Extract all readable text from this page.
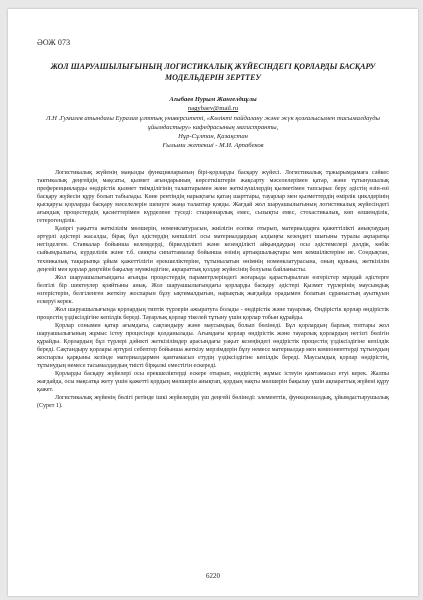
ӘОЖ 073
ЖОЛ ШАРУАШЫЛЫҒЫНЫҢ ЛОГИСТИКАЛЫҚ ЖҮЙЕСІНДЕГІ ҚОРЛАРДЫ БАСҚАРУ МОДЕЛЬДЕРІН ЗЕРТТЕУ
Агыбаев Нурым Жангелдиұлы
nagybaev@mail.ru
Л.Н .Гумилев атындағы Еуразия ұлттық университеті, «Көлікті пайдалану және жүк қозғалысымен тасымалдауды ұйымдастыру» кафедрасының магистранты,
Нұр-Сұлтан, Қазақстан
Ғылыми жетекші - М.И. Арпабеков

Логистикалық жүйенің маңызды функцияларының бірі-қорларды басқару жүйесі. Логистикалық тұжырымдамаға сәйкес тактикалық деңгейдің мақсаты, қызмет ағындарының көрсеткіштерін жақсарту мәселелерімен қатар, және тұтынушылық преференцияларды өндірістік қызмет тиімділігінің талаптарымен және жеткізушілердің қызметімен тапсырыс беру әдістің өзін-өзі басқару жүйесін құру болып табылады. Көне рентіндің нарықтағы қатаң шарттары, тауарлар мен қызметтердің өмірлік циклдерінің қысқаруы қорларды басқару мәселелерін шешуге жаңа талаптар қояды. Жағдай жол шаруашылығының логистикалық жүйесіндегі ағындық процестердің қасиеттерімен күрделене түседі: стационарлық емес, сызықты емес, стохастикалық, көп өлшемділік, гетерогенділік.

Қазіргі уақытта жеткізілім мөлшерін, номенклатурасын, жиілігін есепке отырып, материалдарға қажеттілікті анықтаудың әртүрлі әдістері жасалды, бірақ бұл әдістердің көпшілігі осы материалдардың алдыңғы кезеңдегі шығыны туралы ақпаратқа негізделген. Ставкалар бойынша келемдерді, біркелділікті және кезеңділікті айқындаудың осы әдістемелері дәлдік, көбік сыйымдылығы, күрделілік және т.б. сияқты сипаттамалар бойынша өзінің артықшылықтары мен кемшіліктеріне ие. Сондықтан, техникалық тақырыпқа ұйым қажеттілігін ерекшеліктеріне, тұтынылатын өнімнің номенклатурасына, оның құнына, жеткізілім деңгейі мен қорлар деңгейін бақылау мүмкіндігіне, ақпараттық қолдау жүйесінің болуына байланысты.

Жол шаруашылығындағы ағынды процестердің параметрлеріндегі жоғарыда қарастырылған өзгерістер мұндай әдістерге белгілі бір шектеулер қояйтыны анық. Жол шаруашылығындағы қорларды басқару әдістері Қызмет түрлерінің маусымдық өзгерістерін, белгіленген жеткізу жоспарын бұзу ықтималдығын, нарықтық жағдайда орадымен болатын сұраныстың ауытқуын ескеруі керек.

Жол шаруашылығында қорлардың типтік түрлерін ажыратуға болады - өндірістік және тауарлық. Өндірістік қорлар өндірістік процестің үздіксіздігіне кепілдік береді. Тауарлық қорлар тікелей тұтыну үшін қорлар тобын құрайды.

Қорлар сонымен қатар ағымдағы, сақтандыру және маусымдық болып бөлінеді. Бұл қорлардың барлық топтары жол шаруашылығының жұмыс істеу процесінде қолданылады. Ағымдағы қорлар өндірістік және тауарлық қорлардың негізгі бөлігін құрайды. Қорлардың бұл түрлері дәйекті жеткізілімдер арасындағы уақыт кезеңіндегі өндірістік процестің үздіксіздігіне кепілдік береді. Сақтандыру қорлары әртүрлі себептер бойынша жеткізу мерзімдерін бұзу немесе материалдар мен компоненттерді тұтынудың жоспарлы қарқыны кезінде материалдармен қамтамасыз етудің үздіксіздігіне кепілдік береді. Маусымдық қорлар өндірістің, тұтынудың немесе тасымалдаудың тиісті бірқалкі еместігін ескереді.

Қорларды басқару жүйелері осы ерекшеліктерді ескере отырып, өндірістің жұмыс істеуін қамтамасыз етуі керек. Жалпы жағдайда, осы мақсатқа жету үшін қажетті қордың мөлшерін анықтап, қордың нақты мөлшерін бақылау үшін ақпараттық жүйені құру қажет.

Логистикалық жүйенің бөлігі ретінде ішкі жүйелердің үш деңгейі бөлінеді: элементтік, функционалдық, ұйымдастырушылық (Сурет 1).

6220
